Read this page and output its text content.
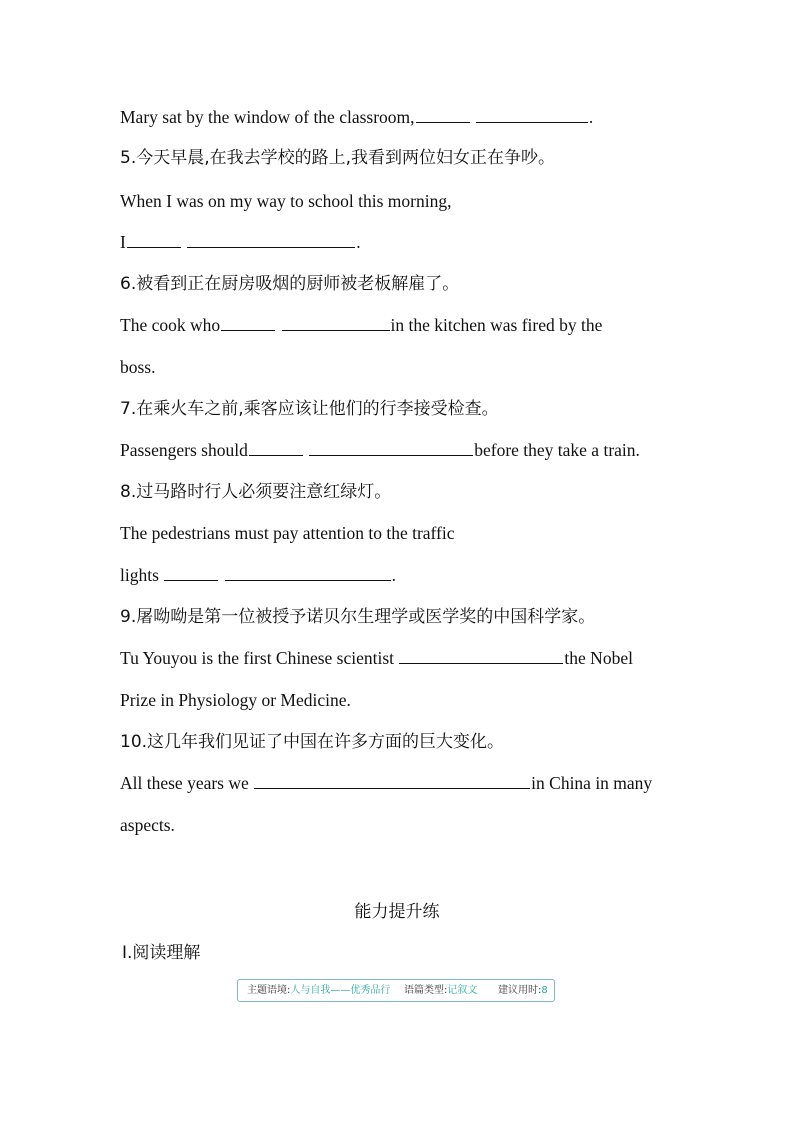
Mary sat by the window of the classroom,	.
5.今天早晨,在我去学校的路上,我看到两位妇女正在争吵。
When I was on my way to school this morning,
I	.
6.被看到正在厨房吸烟的厨师被老板解雇了。
The cook who	in the kitchen was fired by the
boss.
7.在乘火车之前,乘客应该让他们的行李接受检查。
Passengers should	before they take a train.
8.过马路时行人必须要注意红绿灯。
The pedestrians must pay attention to the traffic
lights	.
9.屠呦呦是第一位被授予诺贝尔生理学或医学奖的中国科学家。
Tu Youyou is the first Chinese scientist	the Nobel
Prize in Physiology or Medicine.
10.这几年我们见证了中国在许多方面的巨大变化。
All these years we	in China in many
aspects.
能力提升练
Ⅰ.阅读理解
主题语境:人与自我——优秀品行 语篇类型:记叙文 建议用时:8
